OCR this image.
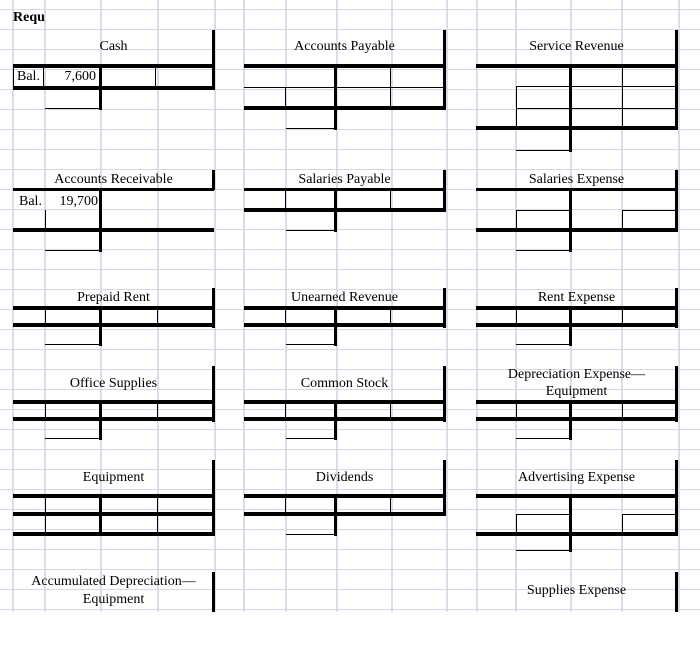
Requ
Cash
Bal.	7,600
Accounts Payable	Service Revenue
Accounts Receivable
Bal.	19,700
Salaries Payable	Salaries Expense
Prepaid Rent	Unearned Revenue	Rent Expense
Office Supplies	Common Stock
Depreciation Expense—
Equipment
Equipment	Dividends	Advertising Expense
Accumulated Depreciation—
Equipment
Supplies Expense
